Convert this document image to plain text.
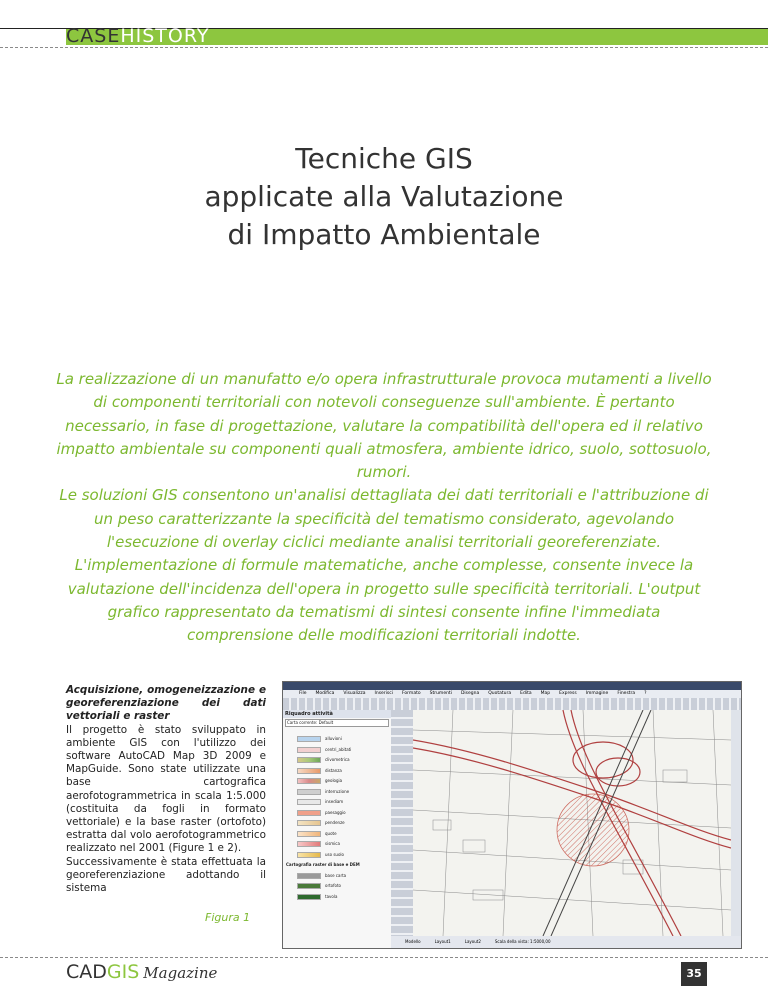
CASEHISTORY
Tecniche GIS
applicate alla Valutazione
di Impatto Ambientale

La realizzazione di un manufatto e/o opera infrastrutturale provoca mutamenti a livello di componenti territoriali con notevoli conseguenze sull'ambiente. È pertanto necessario, in fase di progettazione, valutare la compatibilità dell'opera ed il relativo impatto ambientale su componenti quali atmosfera, ambiente idrico, suolo, sottosuolo, rumori.

Le soluzioni GIS consentono un'analisi dettagliata dei dati territoriali e l'attribuzione di un peso caratterizzante la specificità del tematismo considerato, agevolando l'esecuzione di overlay ciclici mediante analisi territoriali georeferenziate. L'implementazione di formule matematiche, anche complesse, consente invece la valutazione dell'incidenza dell'opera in progetto sulle specificità territoriali. L'output grafico rappresentato da tematismi di sintesi consente infine l'immediata comprensione delle modificazioni territoriali indotte.

Acquisizione, omogeneizzazione e georeferenziazione dei dati vettoriali e raster

Il progetto è stato sviluppato in ambiente GIS con l'utilizzo dei software AutoCAD Map 3D 2009 e MapGuide. Sono state utilizzate una base cartografica aerofotogrammetrica in scala 1:5.000 (costituita da fogli in formato vettoriale) e la base raster (ortofoto) estratta dal volo aerofotogrammetrico realizzato nel 2001 (Figure 1 e 2).

Successivamente è stata effettuata la georeferenziazione adottando il sistema

Figura 1
File Modifica Visualizza Inserisci Formato Strumenti Disegna Quotatura Edita Map Express Immagine Finestra ?
Riquadro attività
Carta corrente: Default
alluvioni
centri_abitati
clivometrica
distanza
geologia
interruzione
insediam
paesaggio
pendenze
quote
sismica
uso suolo
Cartografia raster di base e DEM
base carta
ortofoto
tavola
Modello	Layout1	Layout2	Scala della vista: 1:5000,00
CADGIS Magazine	35
